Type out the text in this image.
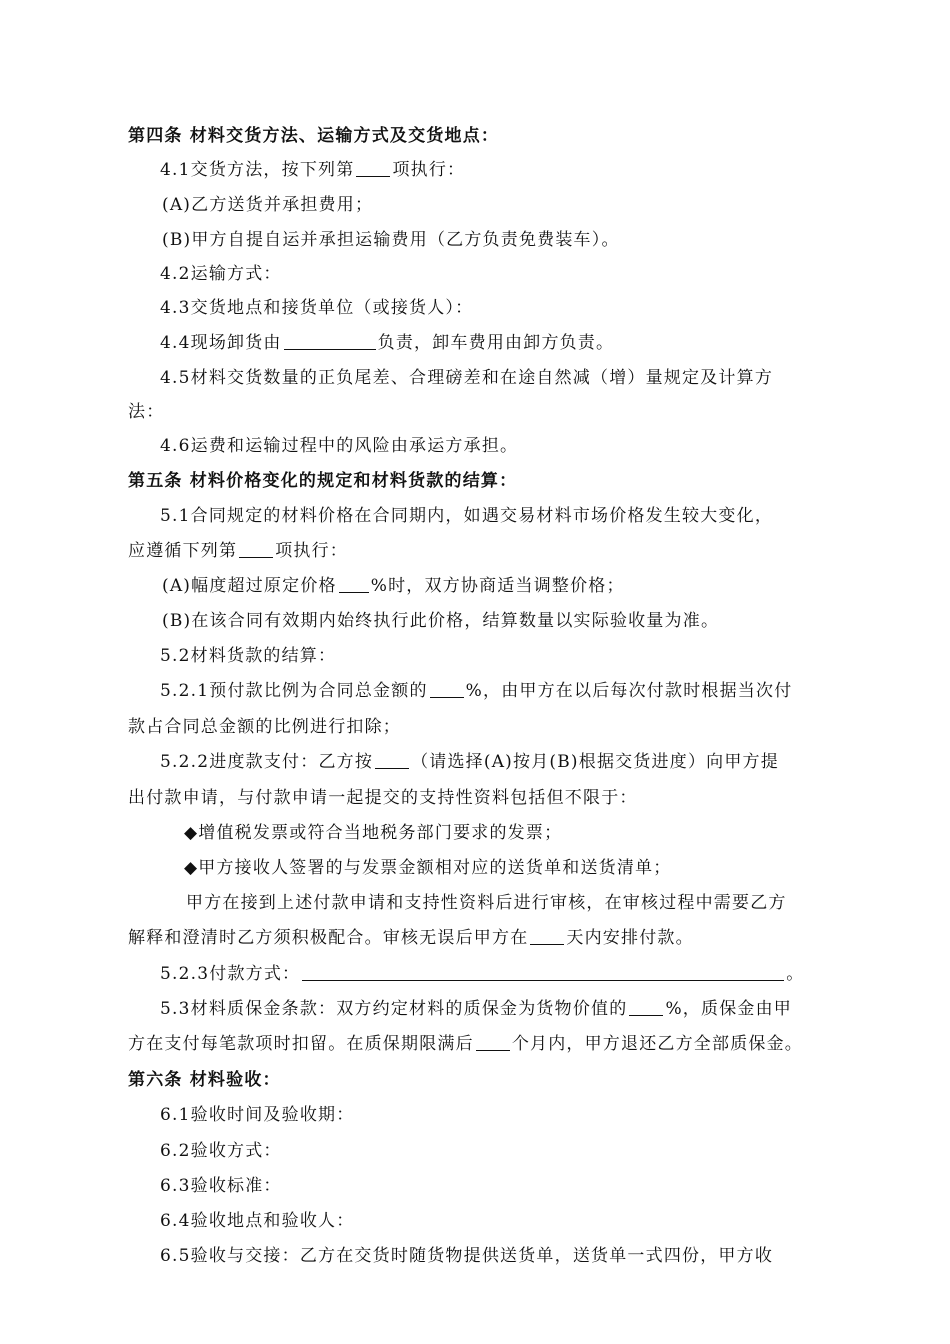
第四条 材料交货方法、运输方式及交货地点：
4.1交货方法，按下列第 项执行：
(A)乙方送货并承担费用；
(B)甲方自提自运并承担运输费用（乙方负责免费装车）。
4.2运输方式：
4.3交货地点和接货单位（或接货人）：
4.4现场卸货由	负责，卸车费用由卸方负责。
4.5材料交货数量的正负尾差、合理磅差和在途自然减（增）量规定及计算方
法：
4.6运费和运输过程中的风险由承运方承担。
第五条 材料价格变化的规定和材料货款的结算：
5.1合同规定的材料价格在合同期内，如遇交易材料市场价格发生较大变化，
应遵循下列第 项执行：
(A)幅度超过原定价格 %时，双方协商适当调整价格；
(B)在该合同有效期内始终执行此价格，结算数量以实际验收量为准。
5.2材料货款的结算：
5.2.1预付款比例为合同总金额的 %，由甲方在以后每次付款时根据当次付
款占合同总金额的比例进行扣除；
5.2.2进度款支付：乙方按 （请选择(A)按月(B)根据交货进度）向甲方提
出付款申请，与付款申请一起提交的支持性资料包括但不限于：
◆增值税发票或符合当地税务部门要求的发票；
◆甲方接收人签署的与发票金额相对应的送货单和送货清单；
甲方在接到上述付款申请和支持性资料后进行审核，在审核过程中需要乙方
解释和澄清时乙方须积极配合。审核无误后甲方在 天内安排付款。
5.2.3付款方式：	。
5.3材料质保金条款：双方约定材料的质保金为货物价值的 %，质保金由甲
方在支付每笔款项时扣留。在质保期限满后 个月内，甲方退还乙方全部质保金。
第六条 材料验收：
6.1验收时间及验收期：
6.2验收方式：
6.3验收标准：
6.4验收地点和验收人：
6.5验收与交接：乙方在交货时随货物提供送货单，送货单一式四份，甲方收
